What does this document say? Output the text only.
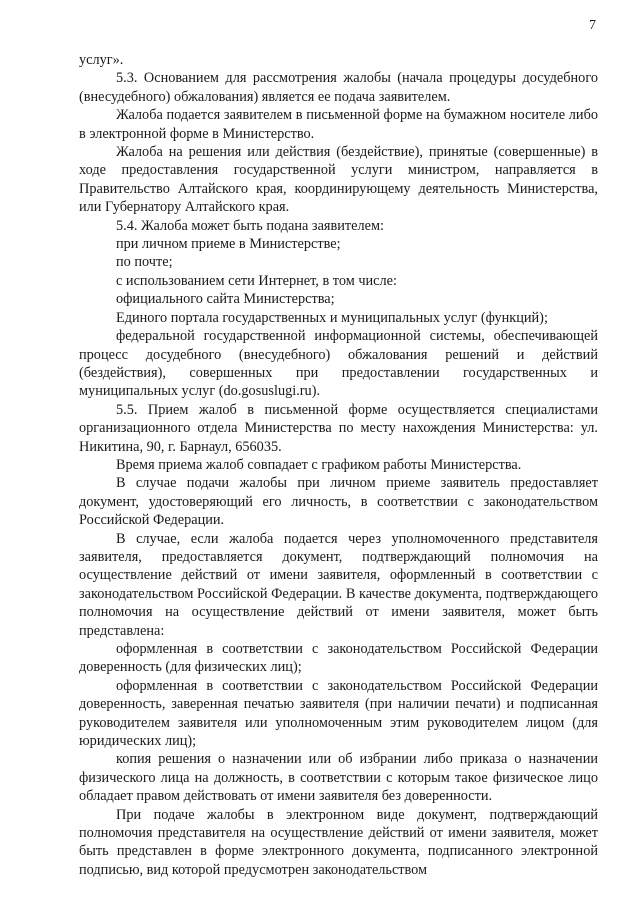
7

услуг».

5.3. Основанием для рассмотрения жалобы (начала процедуры досудебного (внесудебного) обжалования) является ее подача заявителем.

Жалоба подается заявителем в письменной форме на бумажном носителе либо в электронной форме в Министерство.

Жалоба на решения или действия (бездействие), принятые (совершенные) в ходе предоставления государственной услуги министром, направляется в Правительство Алтайского края, координирующему деятельность Министерства, или Губернатору Алтайского края.

5.4. Жалоба может быть подана заявителем:

при личном приеме в Министерстве;

по почте;

с использованием сети Интернет, в том числе:

официального сайта Министерства;

Единого портала государственных и муниципальных услуг (функций);

федеральной государственной информационной системы, обеспечивающей процесс досудебного (внесудебного) обжалования решений и действий (бездействия), совершенных при предоставлении государственных и муниципальных услуг (do.gosuslugi.ru).

5.5. Прием жалоб в письменной форме осуществляется специалистами организационного отдела Министерства по месту нахождения Министерства: ул. Никитина, 90, г. Барнаул, 656035.

Время приема жалоб совпадает с графиком работы Министерства.

В случае подачи жалобы при личном приеме заявитель предоставляет документ, удостоверяющий его личность, в соответствии с законодательством Российской Федерации.

В случае, если жалоба подается через уполномоченного представителя заявителя, предоставляется документ, подтверждающий полномочия на осуществление действий от имени заявителя, оформленный в соответствии с законодательством Российской Федерации. В качестве документа, подтверждающего полномочия на осуществление действий от имени заявителя, может быть представлена:

оформленная в соответствии с законодательством Российской Федерации доверенность (для физических лиц);

оформленная в соответствии с законодательством Российской Федерации доверенность, заверенная печатью заявителя (при наличии печати) и подписанная руководителем заявителя или уполномоченным этим руководителем лицом (для юридических лиц);

копия решения о назначении или об избрании либо приказа о назначении физического лица на должность, в соответствии с которым такое физическое лицо обладает правом действовать от имени заявителя без доверенности.

При подаче жалобы в электронном виде документ, подтверждающий полномочия представителя на осуществление действий от имени заявителя, может быть представлен в форме электронного документа, подписанного электронной подписью, вид которой предусмотрен законодательством
